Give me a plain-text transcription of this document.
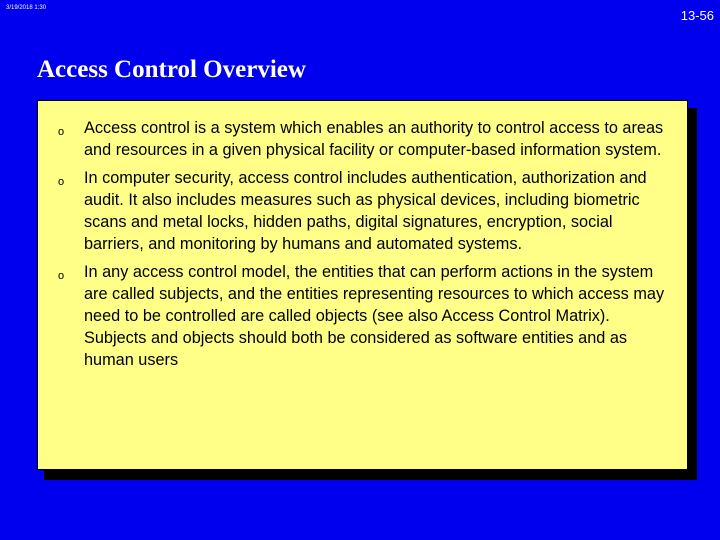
3/19/2018 1:30	13-56
Access Control Overview
o Access control is a system which enables an authority to control access to areas and resources in a given physical facility or computer-based information system.
o In computer security, access control includes authentication, authorization and audit. It also includes measures such as physical devices, including biometric scans and metal locks, hidden paths, digital signatures, encryption, social barriers, and monitoring by humans and automated systems.
o In any access control model, the entities that can perform actions in the system are called subjects, and the entities representing resources to which access may need to be controlled are called objects (see also Access Control Matrix). Subjects and objects should both be considered as software entities and as human users
